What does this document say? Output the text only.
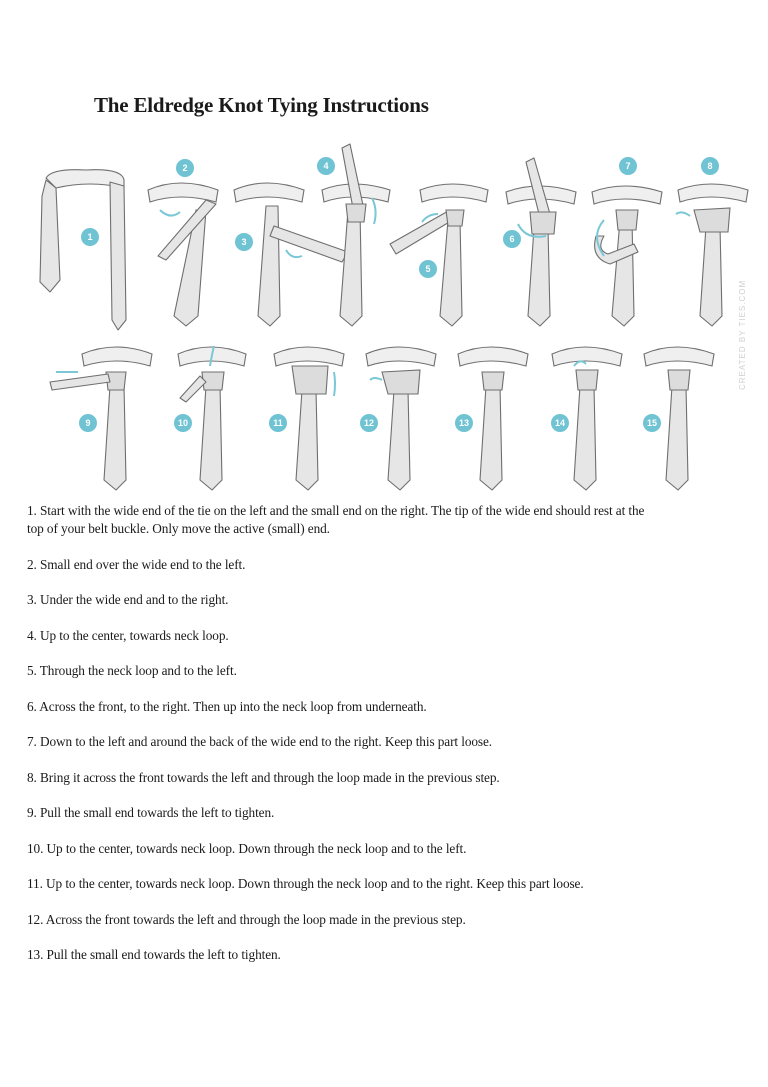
The Eldredge Knot Tying Instructions
1
2
3
4
5
6
7	8
9	10	11	12	13	14	15
CREATED BY TIES.COM

1. Start with the wide end of the tie on the left and the small end on the right. The tip of the wide end should rest at the top of your belt buckle. Only move the active (small) end.

2. Small end over the wide end to the left.

3. Under the wide end and to the right.

4. Up to the center, towards neck loop.

5. Through the neck loop and to the left.

6. Across the front, to the right. Then up into the neck loop from underneath.

7. Down to the left and around the back of the wide end to the right. Keep this part loose.

8. Bring it across the front towards the left and through the loop made in the previous step.

9. Pull the small end towards the left to tighten.

10. Up to the center, towards neck loop. Down through the neck loop and to the left.

11. Up to the center, towards neck loop. Down through the neck loop and to the right. Keep this part loose.

12. Across the front towards the left and through the loop made in the previous step.

13. Pull the small end towards the left to tighten.
